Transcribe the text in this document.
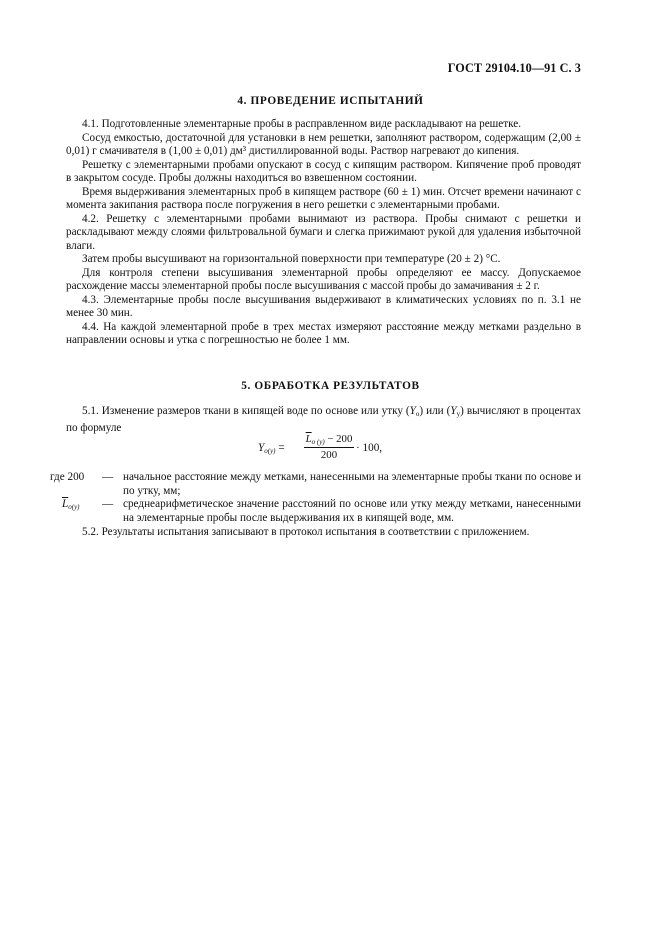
ГОСТ 29104.10—91 С. 3
4. ПРОВЕДЕНИЕ ИСПЫТАНИЙ

4.1. Подготовленные элементарные пробы в расправленном виде раскладывают на решетке.

Сосуд емкостью, достаточной для установки в нем решетки, заполняют раствором, содержащим (2,00 ± 0,01) г смачивателя в (1,00 ± 0,01) дм³ дистиллированной воды. Раствор нагревают до кипения.

Решетку с элементарными пробами опускают в сосуд с кипящим раствором. Кипячение проб проводят в закрытом сосуде. Пробы должны находиться во взвешенном состоянии.

Время выдерживания элементарных проб в кипящем растворе (60 ± 1) мин. Отсчет времени начинают с момента закипания раствора после погружения в него решетки с элементарными пробами.

4.2. Решетку с элементарными пробами вынимают из раствора. Пробы снимают с решетки и раскладывают между слоями фильтровальной бумаги и слегка прижимают рукой для удаления избыточной влаги.

Затем пробы высушивают на горизонтальной поверхности при температуре (20 ± 2) °С.

Для контроля степени высушивания элементарной пробы определяют ее массу. Допускаемое расхождение массы элементарной пробы после высушивания с массой пробы до замачивания ± 2 г.

4.3. Элементарные пробы после высушивания выдерживают в климатических условиях по п. 3.1 не менее 30 мин.

4.4. На каждой элементарной пробе в трех местах измеряют расстояние между метками раздельно в направлении основы и утка с погрешностью не более 1 мм.

5. ОБРАБОТКА РЕЗУЛЬТАТОВ

5.1. Изменение размеров ткани в кипящей воде по основе или утку $(Y_о)$ или $(Y_у)$ вычисляют в процентах по формуле

$Y_{о(у)}$ =
$\overline{L}_{о (у)} - 200$
200
· 100,
где 200 — начальное расстояние между метками, нанесенными на элементарные пробы ткани по основе и по утку, мм;
$\overline{L}_{о(у)}$ — среднеарифметическое значение расстояний по основе или утку между метками, нанесенными на элементарные пробы после выдерживания их в кипящей воде, мм.

5.2. Результаты испытания записывают в протокол испытания в соответствии с приложением.
